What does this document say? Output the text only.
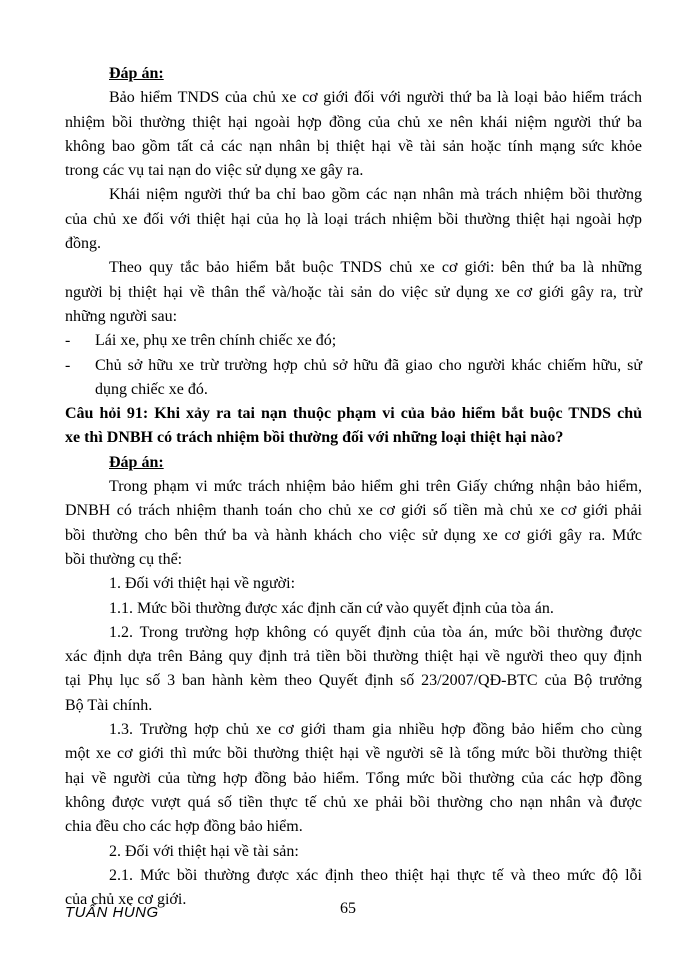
Đáp án:
Bảo hiểm TNDS của chủ xe cơ giới đối với người thứ ba là loại bảo hiểm trách
nhiệm bồi thường thiệt hại ngoài hợp đồng của chủ xe nên khái niệm người thứ ba
không bao gồm tất cả các nạn nhân bị thiệt hại về tài sản hoặc tính mạng sức khỏe
trong các vụ tai nạn do việc sử dụng xe gây ra.
Khái niệm người thứ ba chỉ bao gồm các nạn nhân mà trách nhiệm bồi thường
của chủ xe đối với thiệt hại của họ là loại trách nhiệm bồi thường thiệt hại ngoài hợp
đồng.
Theo quy tắc bảo hiểm bắt buộc TNDS chủ xe cơ giới: bên thứ ba là những
người bị thiệt hại về thân thể và/hoặc tài sản do việc sử dụng xe cơ giới gây ra, trừ
những người sau:
- Lái xe, phụ xe trên chính chiếc xe đó;
- Chủ sở hữu xe trừ trường hợp chủ sở hữu đã giao cho người khác chiếm hữu, sử
dụng chiếc xe đó.
Câu hỏi 91: Khi xảy ra tai nạn thuộc phạm vi của bảo hiểm bắt buộc TNDS chủ
xe thì DNBH có trách nhiệm bồi thường đối với những loại thiệt hại nào?
Đáp án:
Trong phạm vi mức trách nhiệm bảo hiểm ghi trên Giấy chứng nhận bảo hiểm,
DNBH có trách nhiệm thanh toán cho chủ xe cơ giới số tiền mà chủ xe cơ giới phải
bồi thường cho bên thứ ba và hành khách cho việc sử dụng xe cơ giới gây ra. Mức
bồi thường cụ thể:
1. Đối với thiệt hại về người:
1.1. Mức bồi thường được xác định căn cứ vào quyết định của tòa án.
1.2. Trong trường hợp không có quyết định của tòa án, mức bồi thường được
xác định dựa trên Bảng quy định trả tiền bồi thường thiệt hại về người theo quy định
tại Phụ lục số 3 ban hành kèm theo Quyết định số 23/2007/QĐ-BTC của Bộ trưởng
Bộ Tài chính.
1.3. Trường hợp chủ xe cơ giới tham gia nhiều hợp đồng bảo hiểm cho cùng
một xe cơ giới thì mức bồi thường thiệt hại về người sẽ là tổng mức bồi thường thiệt
hại về người của từng hợp đồng bảo hiểm. Tổng mức bồi thường của các hợp đồng
không được vượt quá số tiền thực tế chủ xe phải bồi thường cho nạn nhân và được
chia đều cho các hợp đồng bảo hiểm.
2. Đối với thiệt hại về tài sản:
2.1. Mức bồi thường được xác định theo thiệt hại thực tế và theo mức độ lỗi
của chủ xe cơ giới.
TUẤN HÙNG	65
